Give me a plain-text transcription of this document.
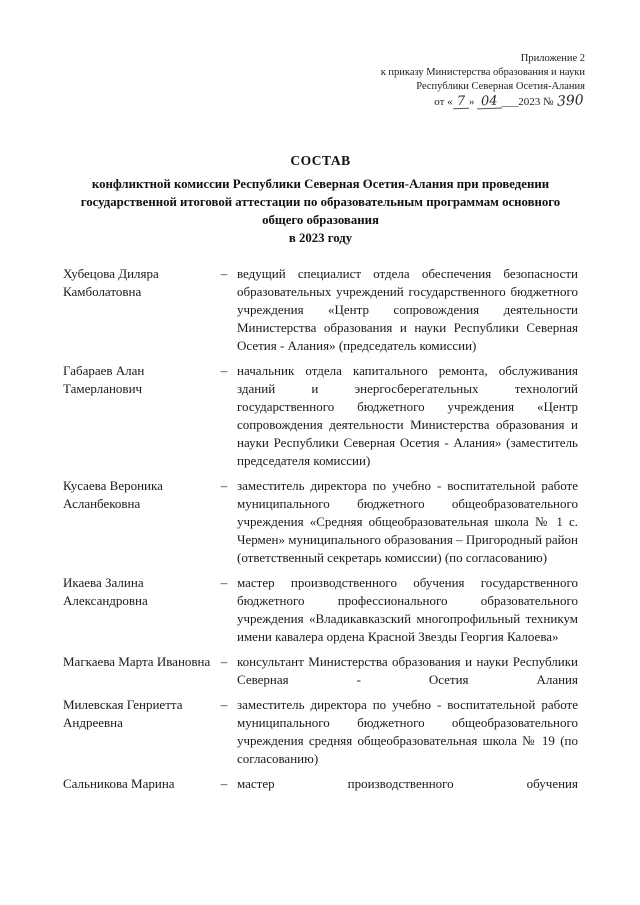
Приложение 2
к приказу Министерства образования и науки
Республики Северная Осетия-Алания
от « 7 » 04 ___2023 № 390
СОСТАВ
конфликтной комиссии Республики Северная Осетия-Алания при проведении государственной итоговой аттестации по образовательным программам основного общего образования
в 2023 году
Хубецова Диляра Камболатовна
– ведущий специалист отдела обеспечения безопасности образовательных учреждений государственного бюджетного учреждения «Центр сопровождения деятельности Министерства образования и науки Республики Северная Осетия - Алания» (председатель комиссии)
Габараев Алан Тамерланович
– начальник отдела капитального ремонта, обслуживания зданий и энергосберегательных технологий государственного бюджетного учреждения «Центр сопровождения деятельности Министерства образования и науки Республики Северная Осетия - Алания» (заместитель председателя комиссии)
Кусаева Вероника Асланбековна
– заместитель директора по учебно - воспитательной работе муниципального бюджетного общеобразовательного учреждения «Средняя общеобразовательная школа № 1 с. Чермен» муниципального образования – Пригородный район (ответственный секретарь комиссии) (по согласованию)
Икаева Залина Александровна
– мастер производственного обучения государственного бюджетного профессионального образовательного учреждения «Владикавказский многопрофильный техникум имени кавалера ордена Красной Звезды Георгия Калоева»
Магкаева Марта Ивановна – консультант Министерства образования и науки Республики Северная - Осетия Алания
Милевская Генриетта Андреевна
– заместитель директора по учебно - воспитательной работе муниципального бюджетного общеобразовательного учреждения средняя общеобразовательная школа № 19 (по согласованию)
Сальникова Марина	– мастер производственного обучения
